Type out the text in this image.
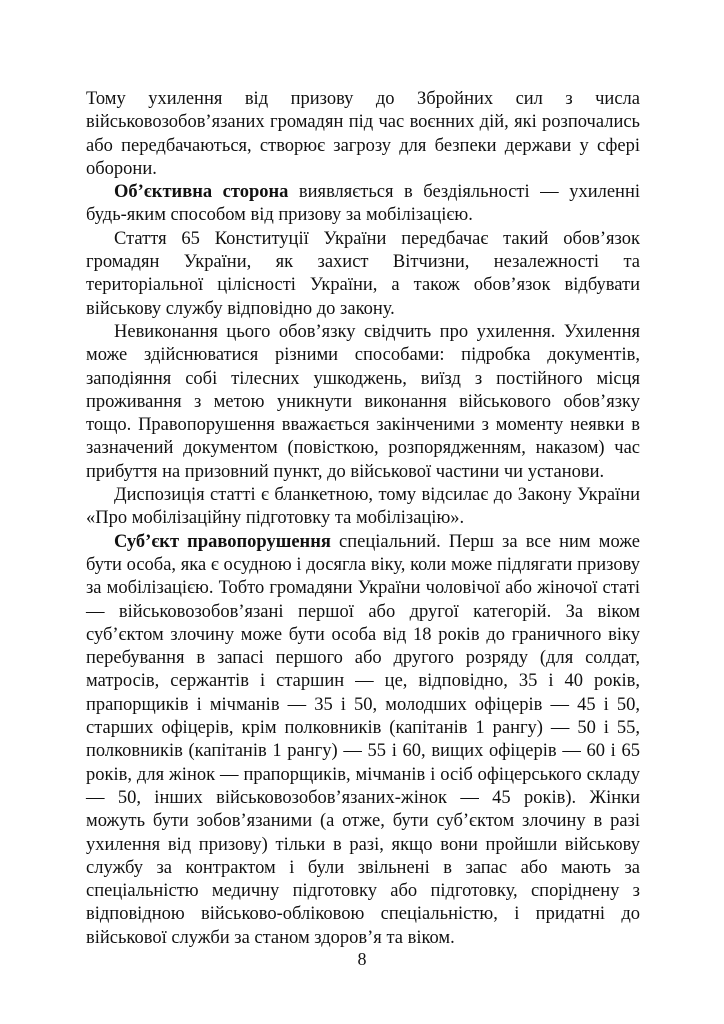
Тому ухилення від призову до Збройних сил з числа військовозобов’язаних громадян під час воєнних дій, які розпочались або передбачаються, створює загрозу для безпеки держави у сфері оборони.

Об’єктивна сторона виявляється в бездіяльності — ухиленні будь-яким способом від призову за мобілізацією.

Стаття 65 Конституції України передбачає такий обов’язок громадян України, як захист Вітчизни, незалежності та територіальної цілісності України, а також обов’язок відбувати військову службу відповідно до закону.

Невиконання цього обов’язку свідчить про ухилення. Ухилення може здійснюватися різними способами: підробка документів, заподіяння собі тілесних ушкоджень, виїзд з постійного місця проживання з метою уникнути виконання військового обов’язку тощо. Правопорушення вважається закінченими з моменту неявки в зазначений документом (повісткою, розпорядженням, наказом) час прибуття на призовний пункт, до військової частини чи установи.

Диспозиція статті є бланкетною, тому відсилає до Закону України «Про мобілізаційну підготовку та мобілізацію».

Суб’єкт правопорушення спеціальний. Перш за все ним може бути особа, яка є осудною і досягла віку, коли може підлягати призову за мобілізацією. Тобто громадяни України чоловічої або жіночої статі — військовозобов’язані першої або другої категорій. За віком суб’єктом злочину може бути особа від 18 років до граничного віку перебування в запасі першого або другого розряду (для солдат, матросів, сержантів і старшин — це, відповідно, 35 і 40 років, прапорщиків і мічманів — 35 і 50, молодших офіцерів — 45 і 50, старших офіцерів, крім полковників (капітанів 1 рангу) — 50 і 55, полковників (капітанів 1 рангу) — 55 і 60, вищих офіцерів — 60 і 65 років, для жінок — прапорщиків, мічманів і осіб офіцерського складу — 50, інших військовозобов’язаних-жінок — 45 років). Жінки можуть бути зобов’язаними (а отже, бути суб’єктом злочину в разі ухилення від призову) тільки в разі, якщо вони пройшли військову службу за контрактом і були звільнені в запас або мають за спеціальністю медичну підготовку або підготовку, споріднену з відповідною військово-обліковою спеціальністю, і придатні до військової служби за станом здоров’я та віком.

8
